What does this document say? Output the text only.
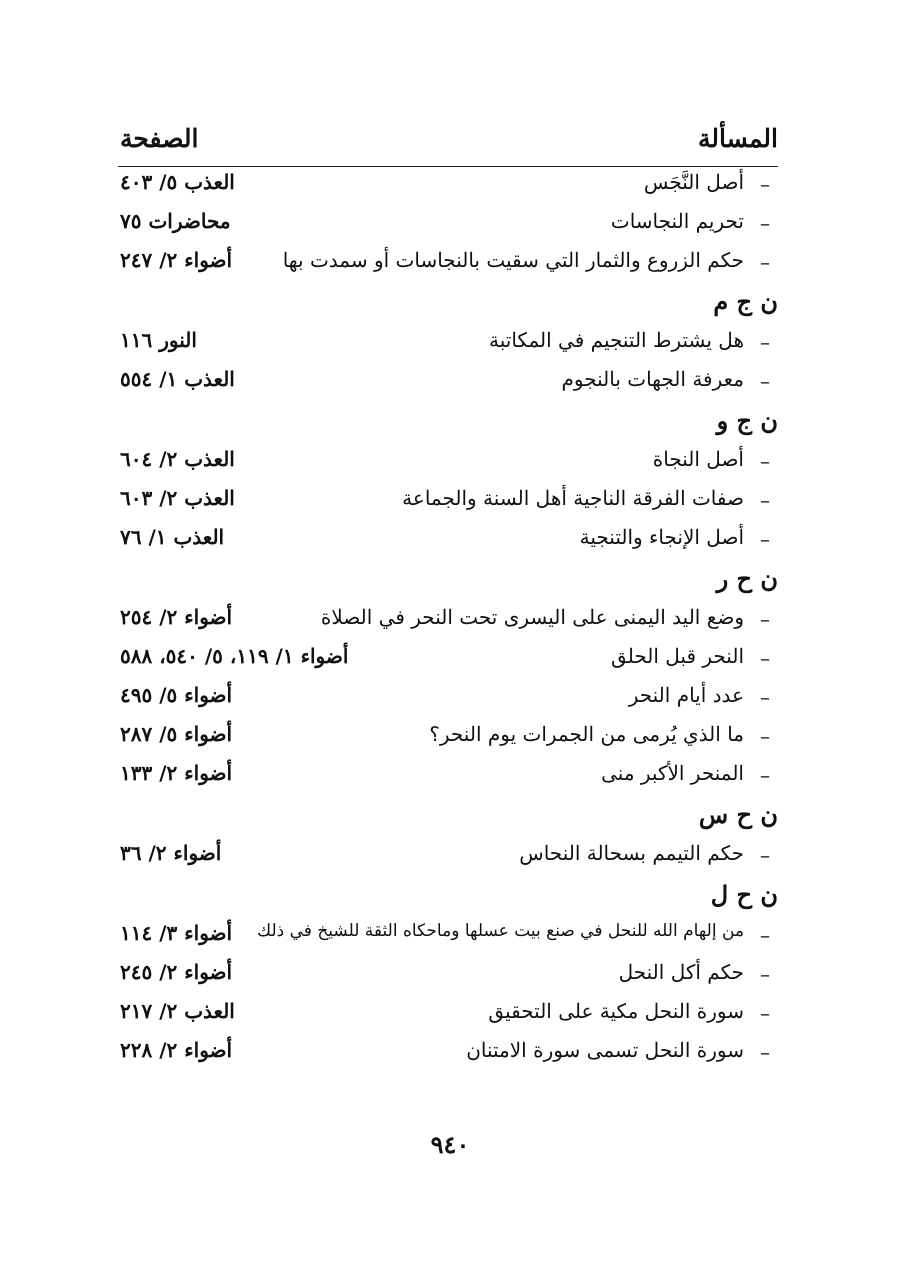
المسألة
الصفحة
–
أصل النَّجَس
العذب ٥/ ٤٠٣
–
تحريم النجاسات
محاضرات ٧٥
–
حكم الزروع والثمار التي سقيت بالنجاسات أو سمدت بها
أضواء ٢/ ٢٤٧
ن ج م
–
هل يشترط التنجيم في المكاتبة
النور ١١٦
–
معرفة الجهات بالنجوم
العذب ١/ ٥٥٤
ن ج و
–
أصل النجاة
العذب ٢/ ٦٠٤
–
صفات الفرقة الناجية أهل السنة والجماعة
العذب ٢/ ٦٠٣
–
أصل الإنجاء والتنجية
العذب ١/ ٧٦
ن ح ر
–
وضع اليد اليمنى على اليسرى تحت النحر في الصلاة
أضواء ٢/ ٢٥٤
–
النحر قبل الحلق
أضواء ١/ ١١٩، ٥/ ٥٤٠، ٥٨٨
–
عدد أيام النحر
أضواء ٥/ ٤٩٥
–
ما الذي يُرمى من الجمرات يوم النحر؟
أضواء ٥/ ٢٨٧
–
المنحر الأكبر منى
أضواء ٢/ ١٣٣
ن ح س
–
حكم التيمم بسحالة النحاس
أضواء ٢/ ٣٦
ن ح ل
–
من إلهام الله للنحل في صنع بيت عسلها وماحكاه الثقة للشيخ في ذلك
أضواء ٣/ ١١٤
–
حكم أكل النحل
أضواء ٢/ ٢٤٥
–
سورة النحل مكية على التحقيق
العذب ٢/ ٢١٧
–
سورة النحل تسمى سورة الامتنان
أضواء ٢/ ٢٢٨
٩٤٠
